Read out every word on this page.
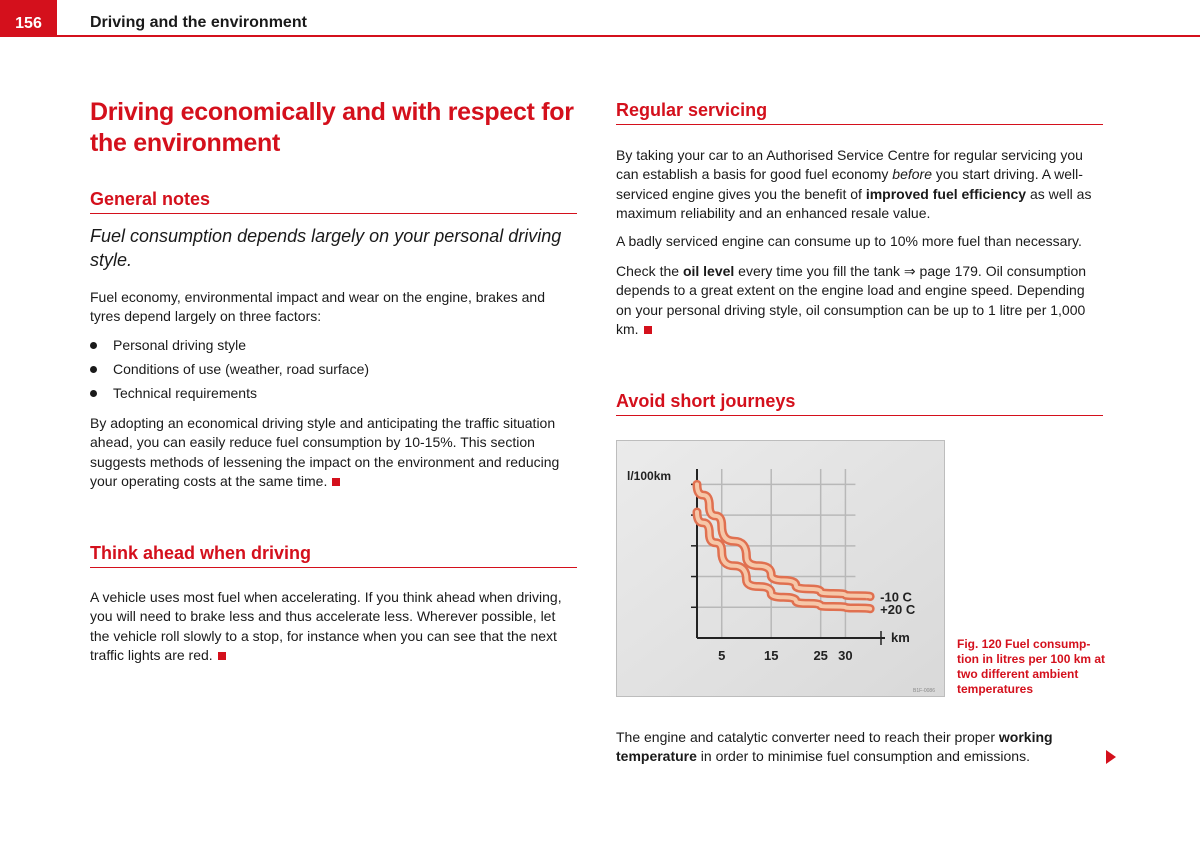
156	Driving and the environment
Driving economically and with respect for the environment
General notes
Fuel consumption depends largely on your personal driving style.

Fuel economy, environmental impact and wear on the engine, brakes and tyres depend largely on three factors:

Personal driving style
Conditions of use (weather, road surface)
Technical requirements

By adopting an economical driving style and anticipating the traffic situation ahead, you can easily reduce fuel consumption by 10-15%. This section suggests methods of lessening the impact on the environment and reducing your operating costs at the same time.

Think ahead when driving

A vehicle uses most fuel when accelerating. If you think ahead when driving, you will need to brake less and thus accelerate less. Wherever possible, let the vehicle roll slowly to a stop, for instance when you can see that the next traffic lights are red.

Regular servicing

By taking your car to an Authorised Service Centre for regular servicing you can establish a basis for good fuel economy before you start driving. A well-serviced engine gives you the benefit of improved fuel efficiency as well as maximum reliability and an enhanced resale value.

A badly serviced engine can consume up to 10% more fuel than necessary.

Check the oil level every time you fill the tank ⇒ page 179. Oil consumption depends to a great extent on the engine load and engine speed. Depending on your personal driving style, oil consumption can be up to 1 litre per 1,000 km.

Avoid short journeys
-10 C
+20 C
l/100km
km
5	15	25 30
B1F-0086
Fig. 120 Fuel consump-tion in litres per 100 km at two different ambient temperatures

The engine and catalytic converter need to reach their proper working temperature in order to minimise fuel consumption and emissions.
